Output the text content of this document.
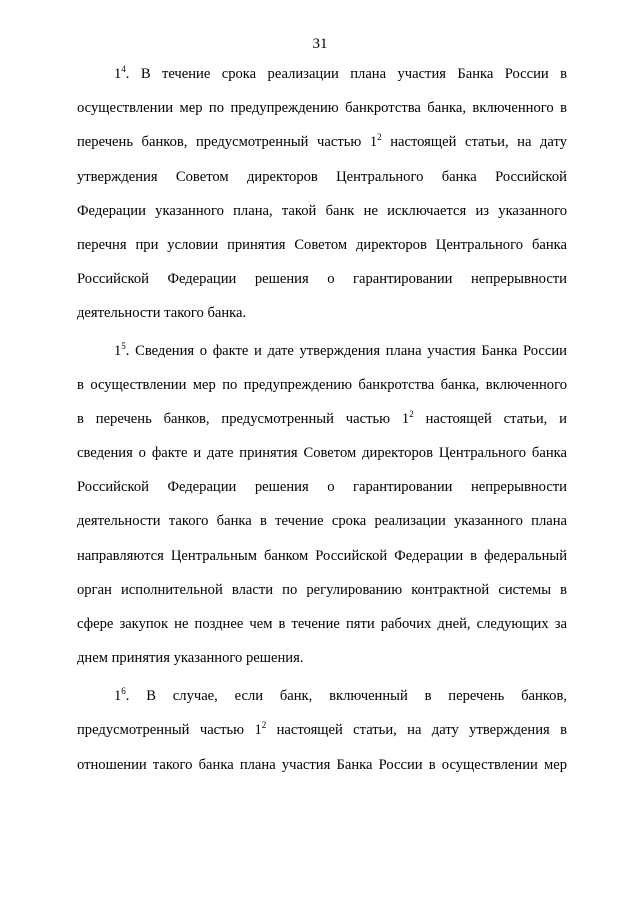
31
$1^4$. В течение срока реализации плана участия Банка России в
осуществлении мер по предупреждению банкротства банка, включенного в
перечень банков, предусмотренный частью $1^2$ настоящей статьи, на дату
утверждения Советом директоров Центрального банка Российской
Федерации указанного плана, такой банк не исключается из указанного
перечня при условии принятия Советом директоров Центрального банка
Российской Федерации решения о гарантировании непрерывности
деятельности такого банка.
$1^5$. Сведения о факте и дате утверждения плана участия Банка России
в осуществлении мер по предупреждению банкротства банка, включенного
в перечень банков, предусмотренный частью $1^2$ настоящей статьи, и
сведения о факте и дате принятия Советом директоров Центрального банка
Российской Федерации решения о гарантировании непрерывности
деятельности такого банка в течение срока реализации указанного плана
направляются Центральным банком Российской Федерации в федеральный
орган исполнительной власти по регулированию контрактной системы в
сфере закупок не позднее чем в течение пяти рабочих дней, следующих за
днем принятия указанного решения.
$1^6$. В случае, если банк, включенный в перечень банков,
предусмотренный частью $1^2$ настоящей статьи, на дату утверждения в
отношении такого банка плана участия Банка России в осуществлении мер
